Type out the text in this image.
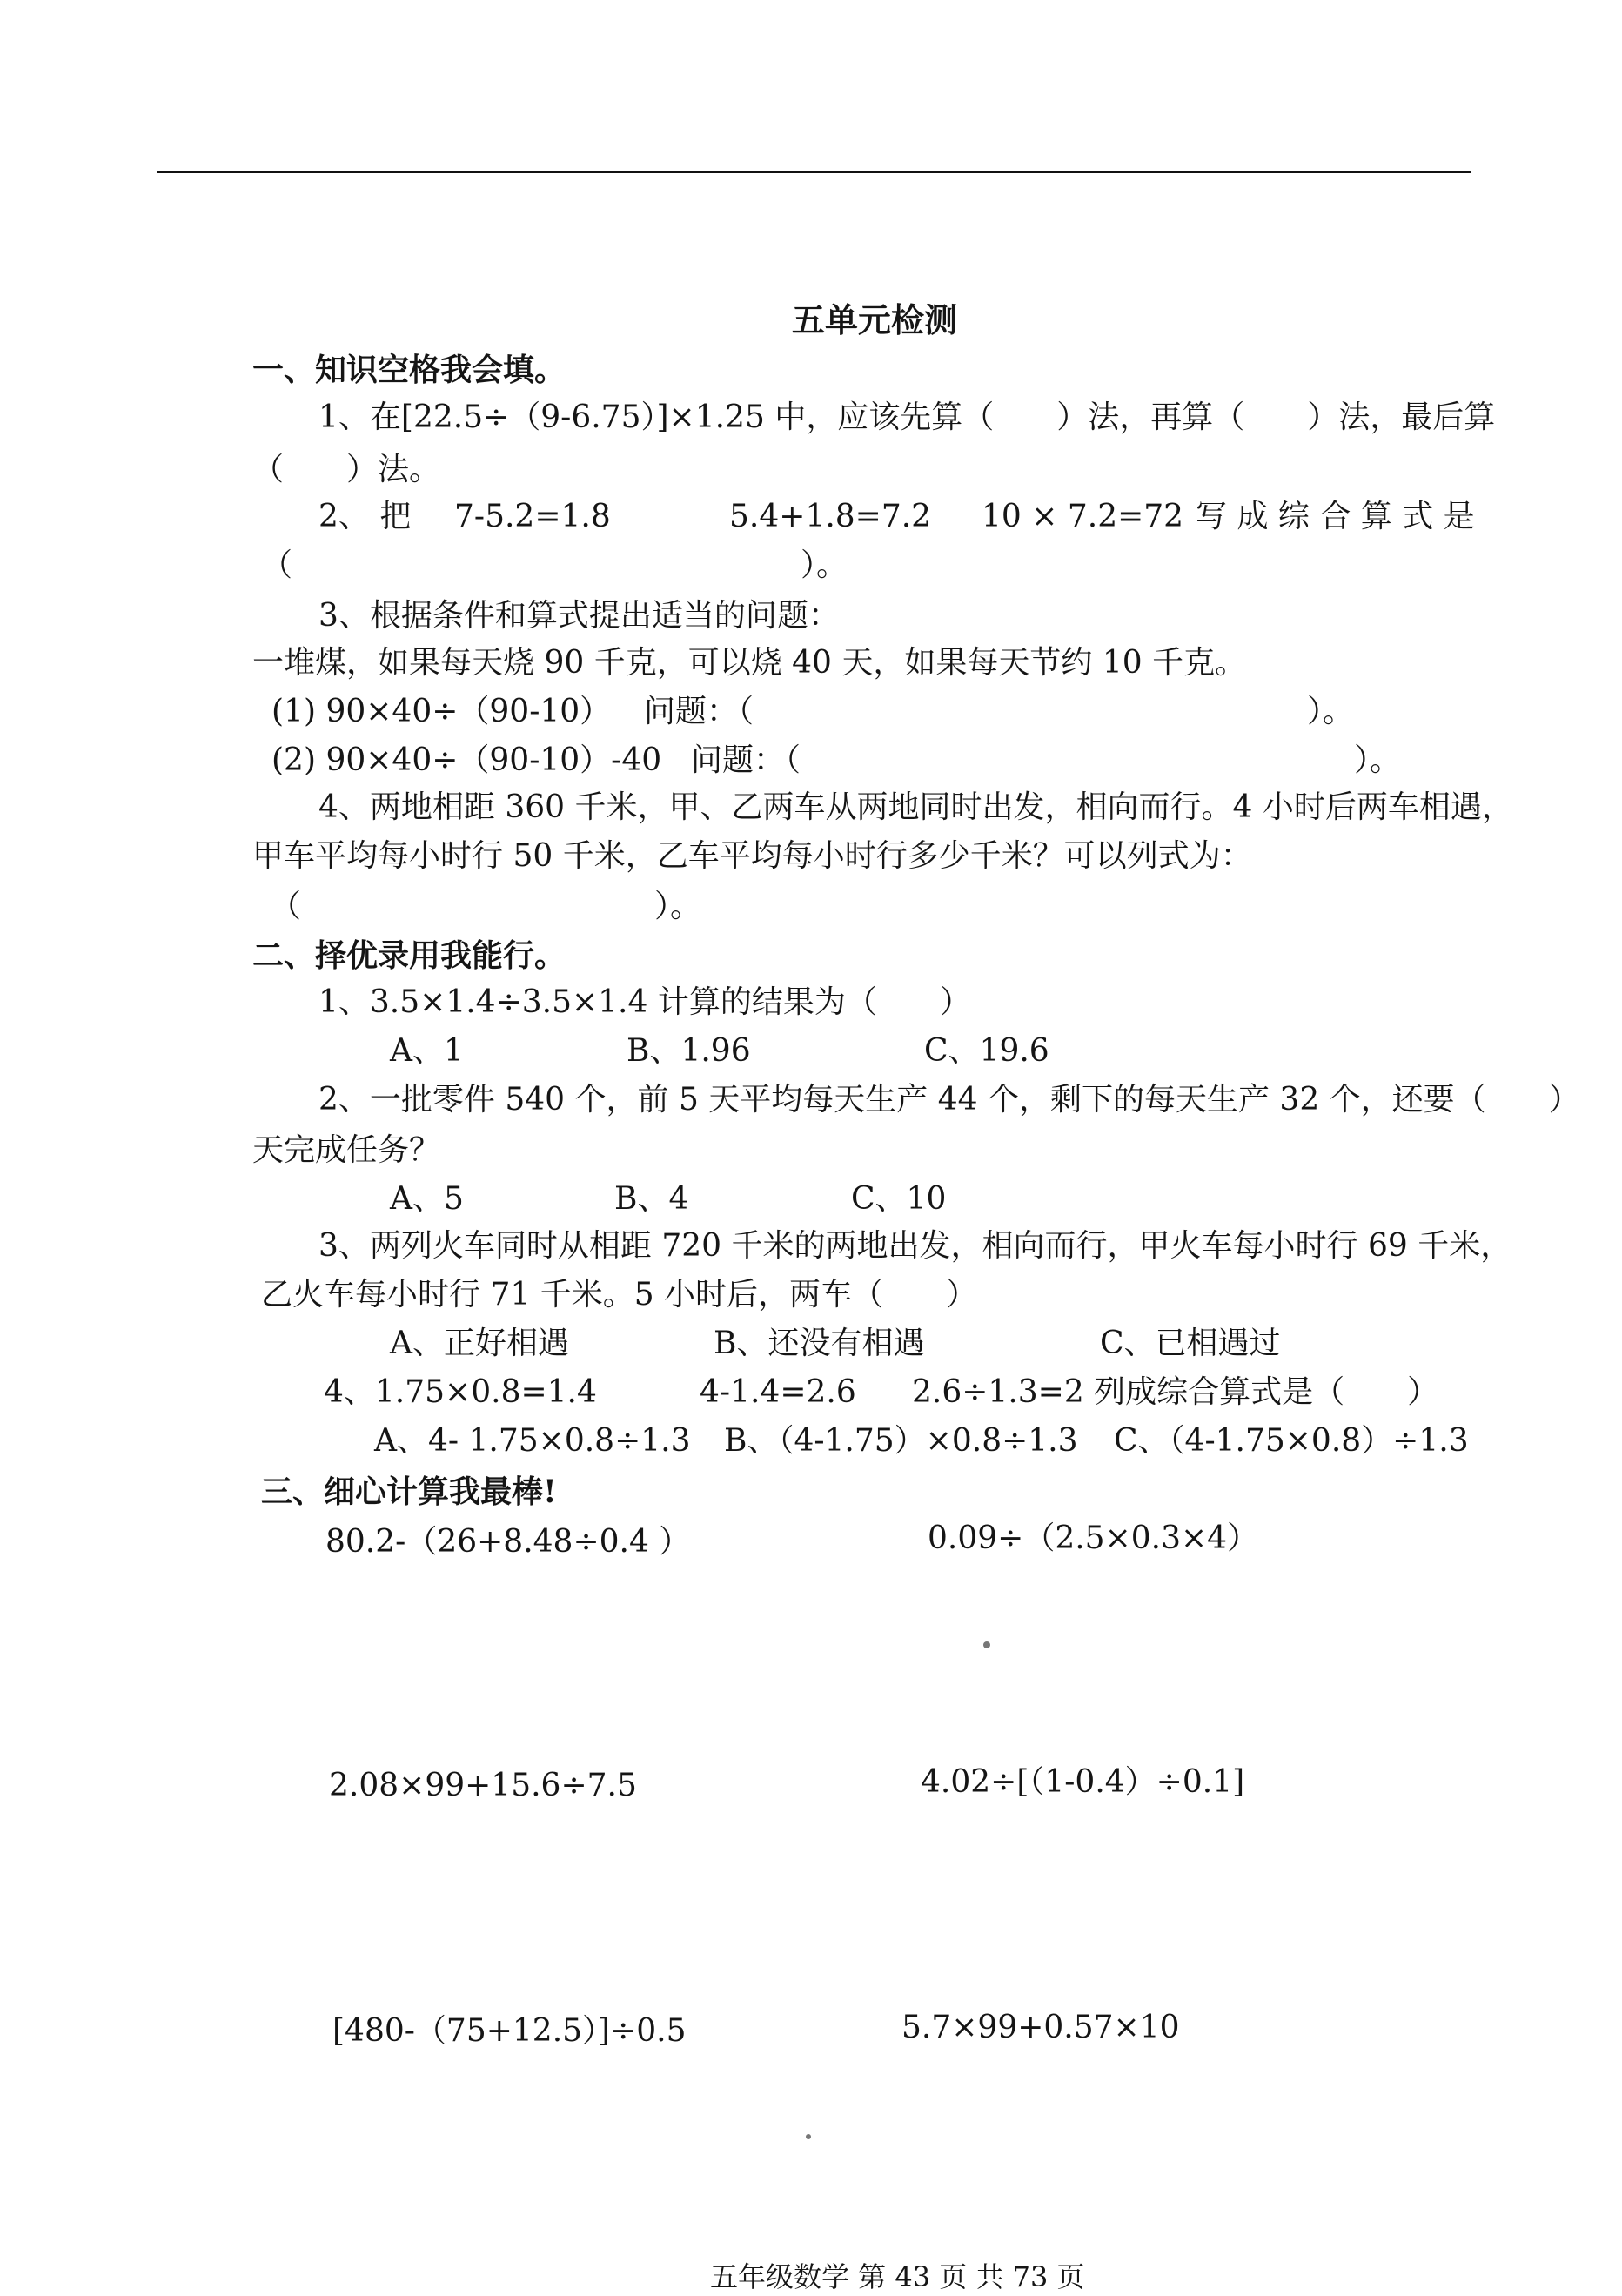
五单元检测
一、知识空格我会填。
1、在[22.5÷（9-6.75）]×1.25 中，应该先算（　　）法，再算（　　）法，最后算
（　　）法。
2、 把 7-5.2=1.8	5.4+1.8=7.2 10 × 7.2=72 写 成 综 合 算 式 是
（	）。
3、根据条件和算式提出适当的问题：
一堆煤，如果每天烧 90 千克，可以烧 40 天，如果每天节约 10 千克。
(1) 90×40÷（90-10） 问题：（	）。
(2) 90×40÷（90-10）-40 问题：（	）。
4、两地相距 360 千米，甲、乙两车从两地同时出发，相向而行。4 小时后两车相遇，
甲车平均每小时行 50 千米，乙车平均每小时行多少千米？可以列式为：
（	）。
二、择优录用我能行。
1、3.5×1.4÷3.5×1.4 计算的结果为（　　）
A、1	B、1.96	C、19.6
2、一批零件 540 个，前 5 天平均每天生产 44 个，剩下的每天生产 32 个，还要（　　）
天完成任务？
A、5	B、4	C、10
3、两列火车同时从相距 720 千米的两地出发，相向而行，甲火车每小时行 69 千米，
乙火车每小时行 71 千米。5 小时后，两车（　　）
A、正好相遇	B、还没有相遇	C、已相遇过
4、1.75×0.8=1.4	4-1.4=2.6 2.6÷1.3=2 列成综合算式是（　　）
A、4- 1.75×0.8÷1.3 B、（4-1.75）×0.8÷1.3 C、（4-1.75×0.8）÷1.3
三、细心计算我最棒!
80.2-（26+8.48÷0.4 ）	0.09÷（2.5×0.3×4）
2.08×99+15.6÷7.5	4.02÷[（1-0.4）÷0.1]
[480-（75+12.5）]÷0.5	5.7×99+0.57×10
五年级数学 第 43 页 共 73 页
